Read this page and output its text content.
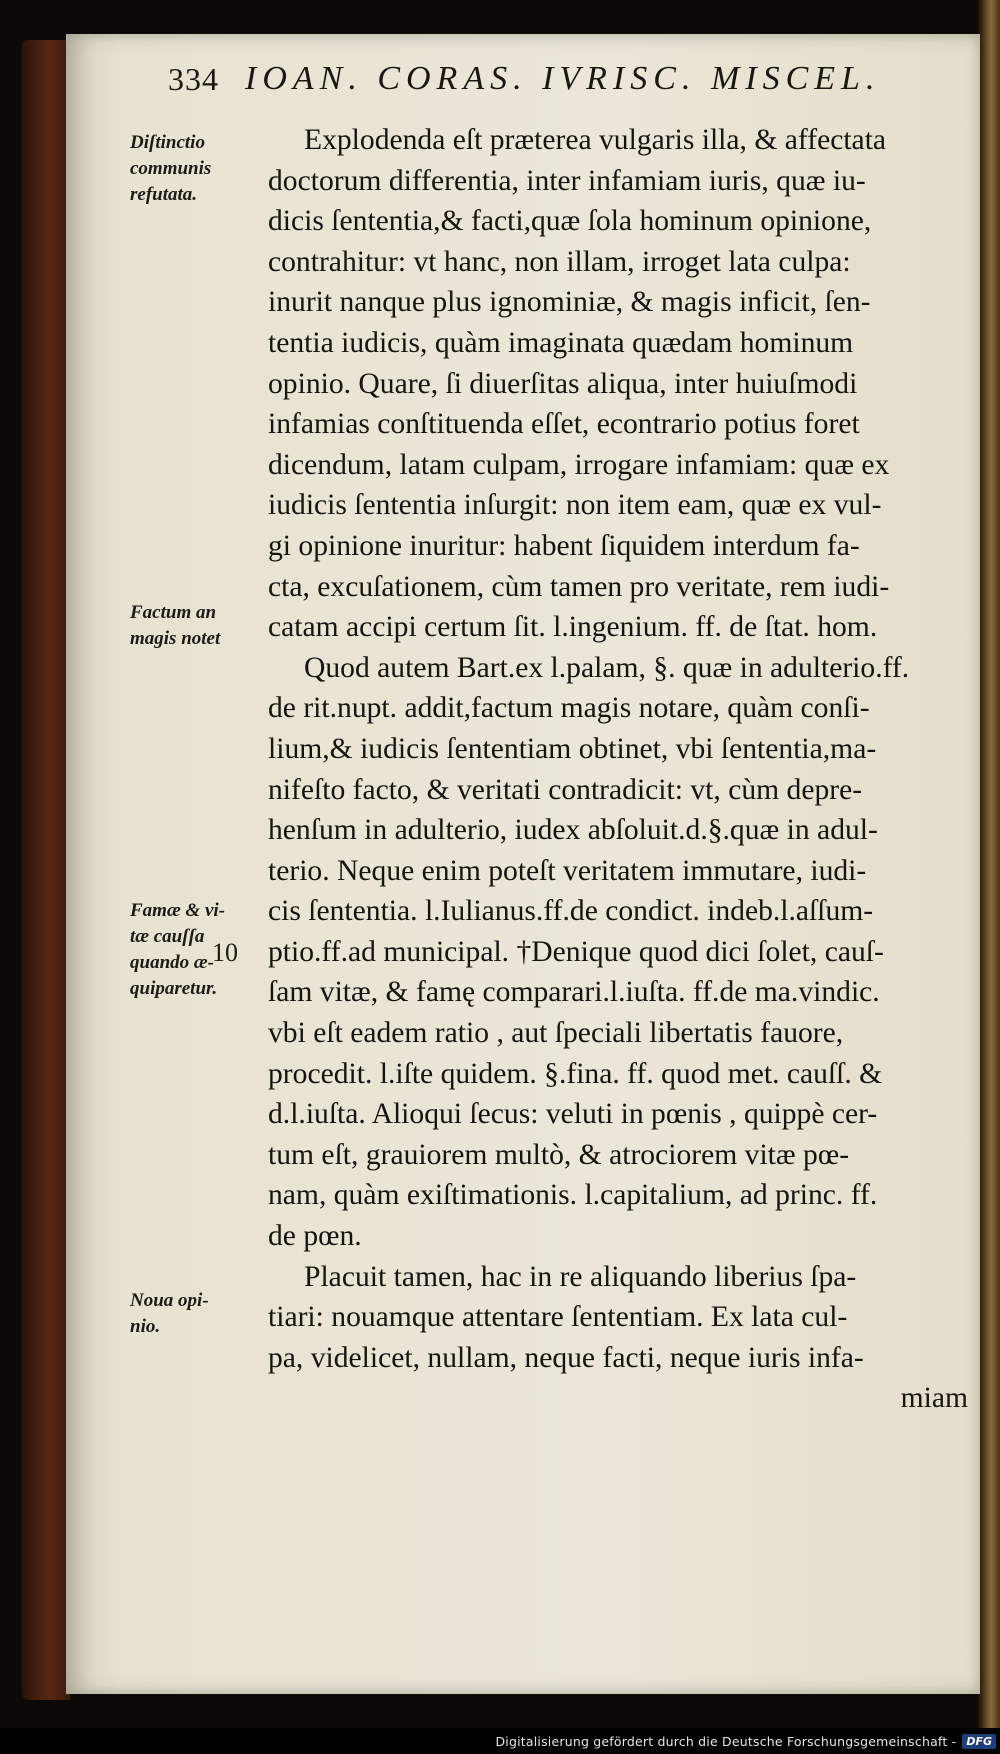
334 IOAN. CORAS. IVRISC. MISCEL.
Diſtinctio
communis
refutata.
Factum an
magis notet
Famæ & vi-
tæ cauſſa
quando æ-
quiparetur.
Noua opi-
nio.
10
Explodenda eſt præterea vulgaris illa, & affectata
doctorum differentia, inter infamiam iuris, quæ iu-
dicis ſententia,& facti,quæ ſola hominum opinione,
contrahitur: vt hanc, non illam, irroget lata culpa:
inurit nanque plus ignominiæ, & magis inficit, ſen-
tentia iudicis, quàm imaginata quædam hominum
opinio. Quare, ſi diuerſitas aliqua, inter huiuſmodi
infamias conſtituenda eſſet, econtrario potius foret
dicendum, latam culpam, irrogare infamiam: quæ ex
iudicis ſententia inſurgit: non item eam, quæ ex vul-
gi opinione inuritur: habent ſiquidem interdum fa-
cta, excuſationem, cùm tamen pro veritate, rem iudi-
catam accipi certum ſit. l.ingenium. ff. de ſtat. hom.
Quod autem Bart.ex l.palam, §. quæ in adulterio.ff.
de rit.nupt. addit,factum magis notare, quàm conſi-
lium,& iudicis ſententiam obtinet, vbi ſententia,ma-
nifeſto facto, & veritati contradicit: vt, cùm depre-
henſum in adulterio, iudex abſoluit.d.§.quæ in adul-
terio. Neque enim poteſt veritatem immutare, iudi-
cis ſententia. l.Iulianus.ff.de condict. indeb.l.aſſum-
ptio.ff.ad municipal. †Denique quod dici ſolet, cauſ-
ſam vitæ, & famę comparari.l.iuſta. ff.de ma.vindic.
vbi eſt eadem ratio , aut ſpeciali libertatis fauore,
procedit. l.iſte quidem. §.fina. ff. quod met. cauſſ. &
d.l.iuſta. Alioqui ſecus: veluti in pœnis , quippè cer-
tum eſt, grauiorem multò, & atrociorem vitæ pœ-
nam, quàm exiſtimationis. l.capitalium, ad princ. ff.
de pœn.
Placuit tamen, hac in re aliquando liberius ſpa-
tiari: nouamque attentare ſententiam. Ex lata cul-
pa, videlicet, nullam, neque facti, neque iuris infa-
miam
Digitalisierung gefördert durch die Deutsche Forschungsgemeinschaft - DFG
